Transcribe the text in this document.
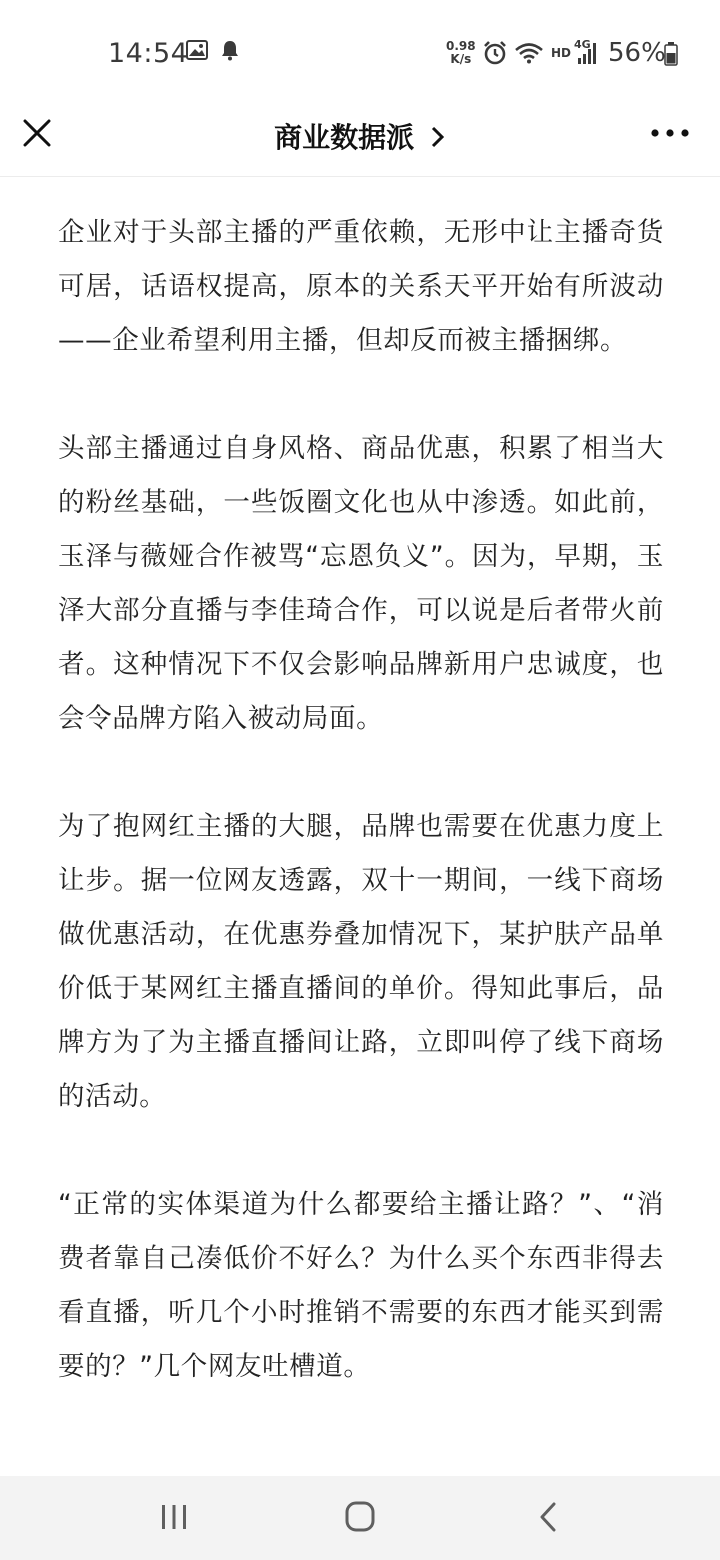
14:54	0.98
K/s	HD
4G 56%
商业数据派

企业对于头部主播的严重依赖，无形中让主播奇货可居，话语权提高，原本的关系天平开始有所波动——企业希望利用主播，但却反而被主播捆绑。

头部主播通过自身风格、商品优惠，积累了相当大的粉丝基础，一些饭圈文化也从中渗透。如此前，玉泽与薇娅合作被骂“忘恩负义”。因为，早期，玉泽大部分直播与李佳琦合作，可以说是后者带火前者。这种情况下不仅会影响品牌新用户忠诚度，也会令品牌方陷入被动局面。

为了抱网红主播的大腿，品牌也需要在优惠力度上让步。据一位网友透露，双十一期间，一线下商场做优惠活动，在优惠券叠加情况下，某护肤产品单价低于某网红主播直播间的单价。得知此事后，品牌方为了为主播直播间让路，立即叫停了线下商场的活动。

“正常的实体渠道为什么都要给主播让路？”、“消费者靠自己凑低价不好么？为什么买个东西非得去看直播，听几个小时推销不需要的东西才能买到需要的？”几个网友吐槽道。
